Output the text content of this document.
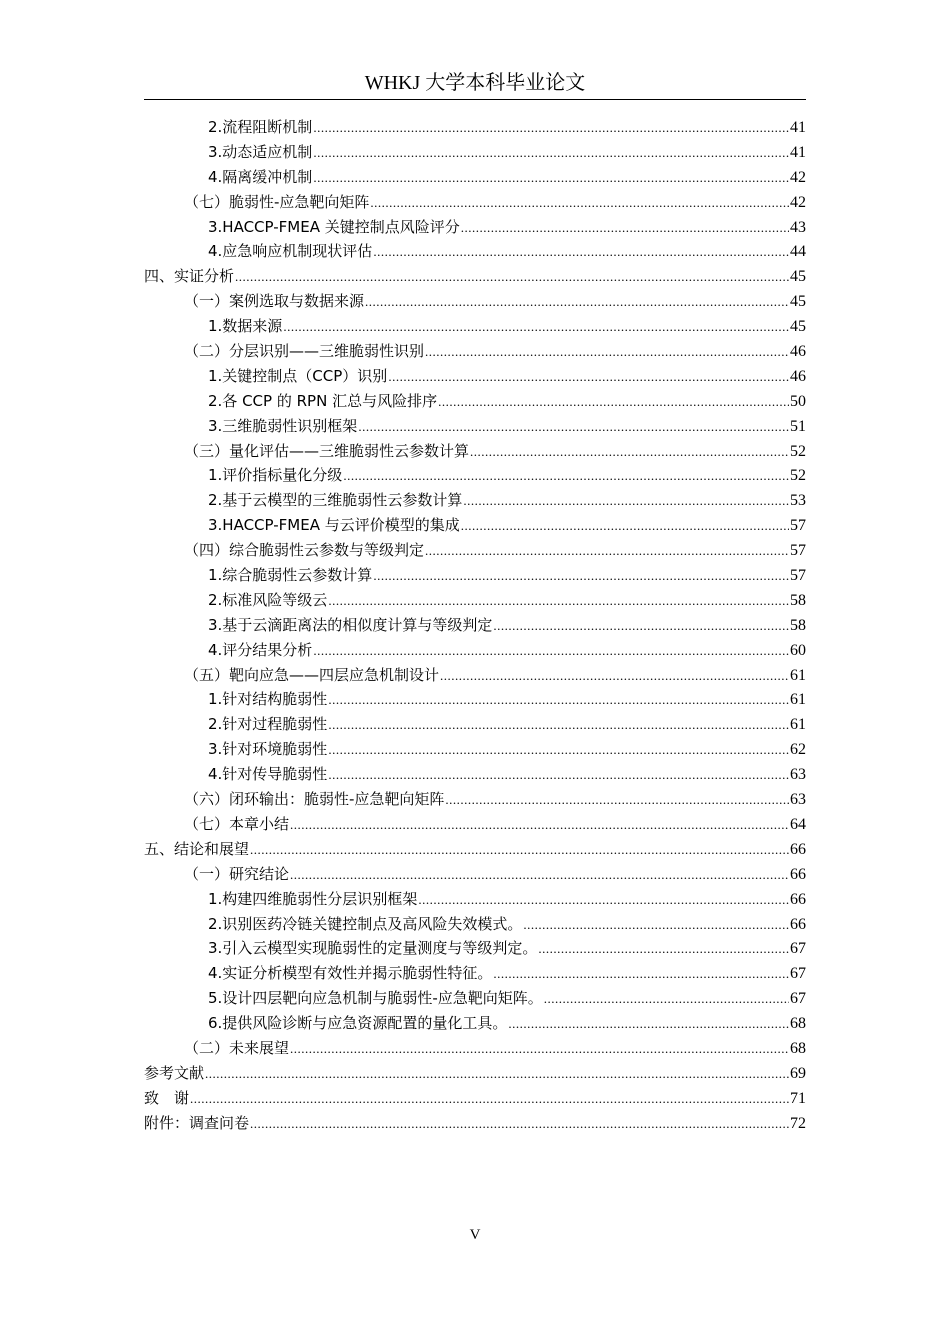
WHKJ 大学本科毕业论文
2.流程阻断机制 .....	41
3.动态适应机制 .....	41
4.隔离缓冲机制 .....	42
（七）脆弱性-应急靶向矩阵 .....	42
3.HACCP-FMEA 关键控制点风险评分 .....	43
4.应急响应机制现状评估 .....	44
四、实证分析 .....	45
（一）案例选取与数据来源 .....	45
1.数据来源 .....	45
（二）分层识别——三维脆弱性识别 .....	46
1.关键控制点（CCP）识别 .....	46
2.各 CCP 的 RPN 汇总与风险排序 .....	50
3.三维脆弱性识别框架 .....	51
（三）量化评估——三维脆弱性云参数计算 .....	52
1.评价指标量化分级 .....	52
2.基于云模型的三维脆弱性云参数计算 .....	53
3.HACCP-FMEA 与云评价模型的集成 .....	57
（四）综合脆弱性云参数与等级判定 .....	57
1.综合脆弱性云参数计算 .....	57
2.标准风险等级云 .....	58
3.基于云滴距离法的相似度计算与等级判定 .....	58
4.评分结果分析 .....	60
（五）靶向应急——四层应急机制设计 .....	61
1.针对结构脆弱性 .....	61
2.针对过程脆弱性 .....	61
3.针对环境脆弱性 .....	62
4.针对传导脆弱性 .....	63
（六）闭环输出：脆弱性-应急靶向矩阵 .....	63
（七）本章小结 .....	64
五、结论和展望 .....	66
（一）研究结论 .....	66
1.构建四维脆弱性分层识别框架 .....	66
2.识别医药冷链关键控制点及高风险失效模式。 .....	66
3.引入云模型实现脆弱性的定量测度与等级判定。 .....	67
4.实证分析模型有效性并揭示脆弱性特征。 .....	67
5.设计四层靶向应急机制与脆弱性-应急靶向矩阵。 .....	67
6.提供风险诊断与应急资源配置的量化工具。 .....	68
（二）未来展望 .....	68
参考文献 .....	69
致　谢 .....	71
附件：调查问卷 .....	72
V
